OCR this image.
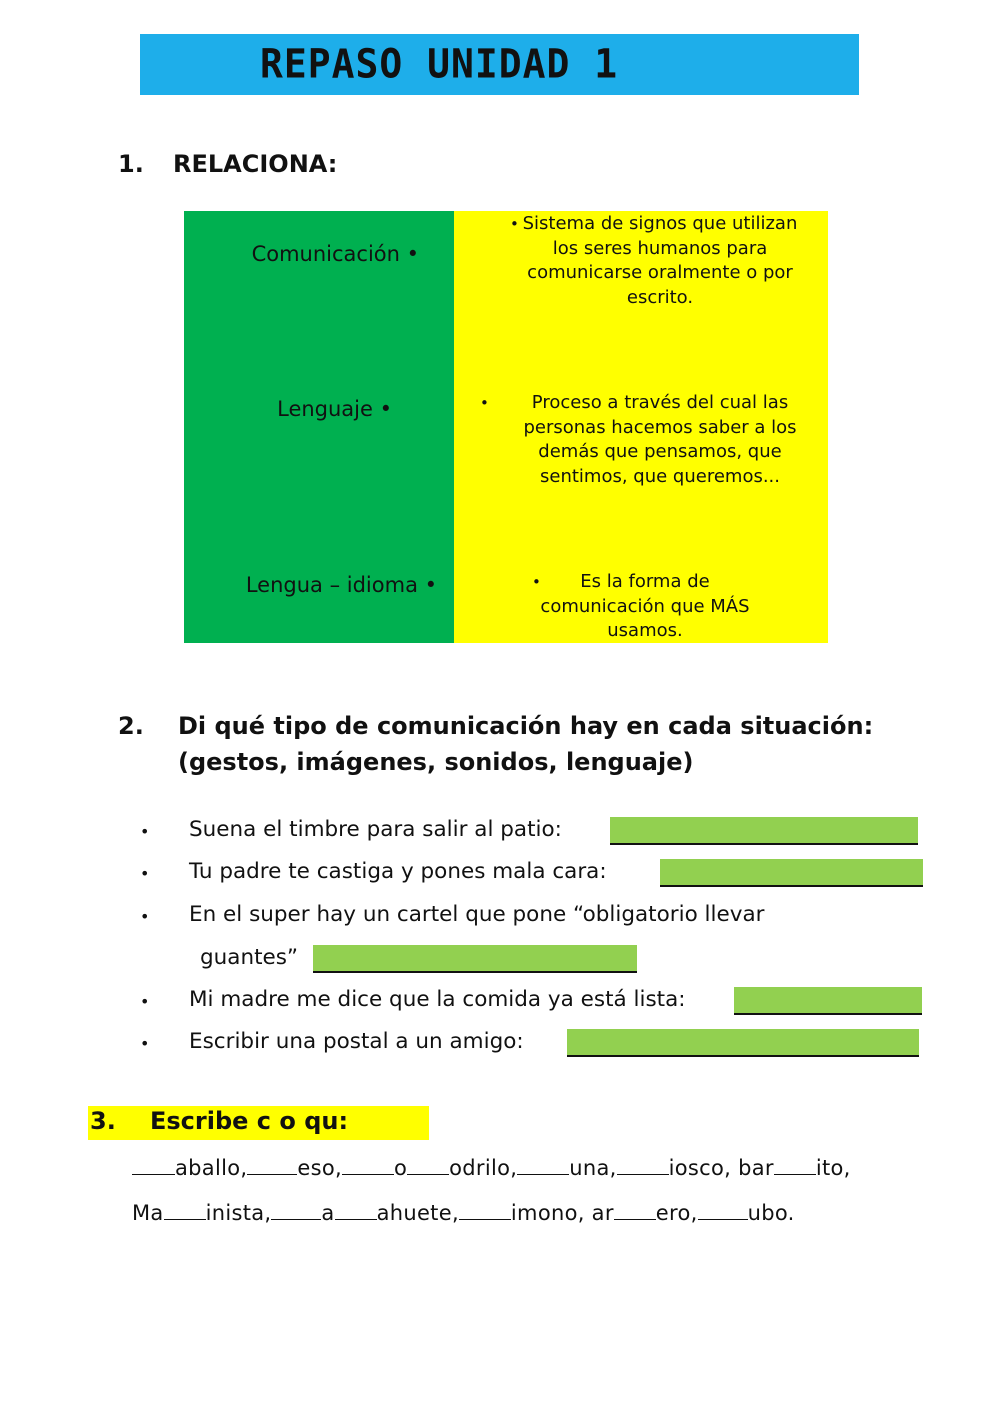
REPASO UNIDAD 1
1. RELACIONA:
Comunicación •
Lenguaje •
Lengua – idioma •
• Sistema de signos que utilizan los seres humanos para comunicarse oralmente o por escrito.
•	Proceso a través del cual las personas hacemos saber a los demás que pensamos, que sentimos, que queremos...
•	Es la forma de comunicación que MÁS usamos.
2. Di qué tipo de comunicación hay en cada situación: (gestos, imágenes, sonidos, lenguaje)
• Suena el timbre para salir al patio:
• Tu padre te castiga y pones mala cara:
• En el super hay un cartel que pone “obligatorio llevar
guantes”
• Mi madre me dice que la comida ya está lista:
• Escribir una postal a un amigo:
3. Escribe c o qu:
aballo, eso, o odrilo, una, iosco, bar ito,
Ma inista, a ahuete, imono, ar ero, ubo.
